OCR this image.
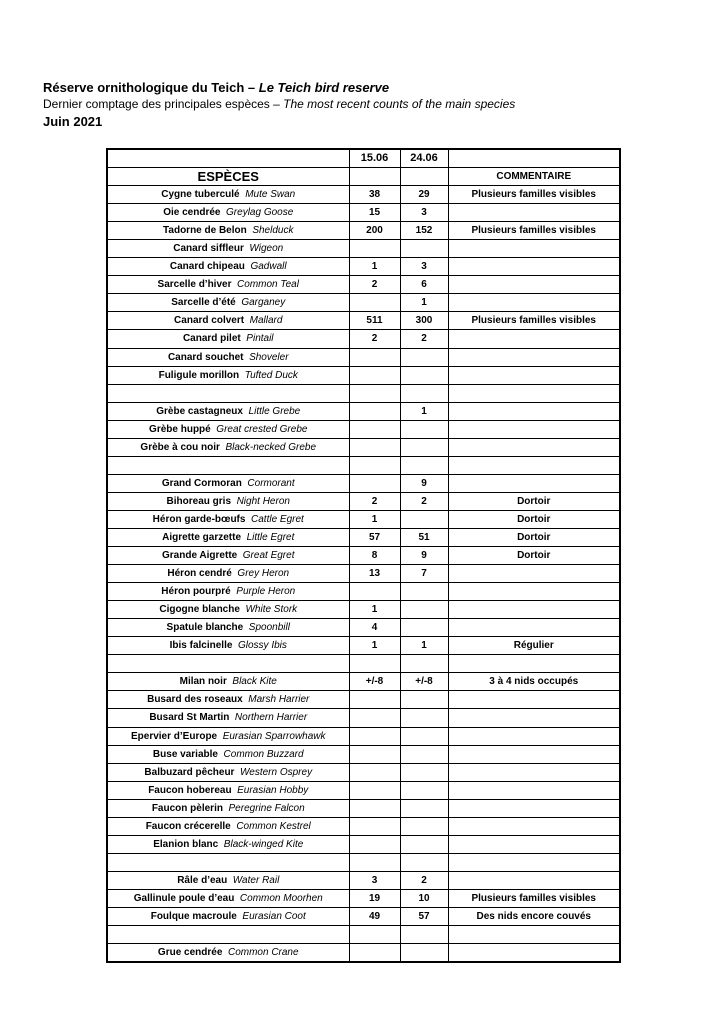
Réserve ornithologique du Teich – Le Teich bird reserve
Dernier comptage des principales espèces – The most recent counts of the main species
Juin 2021
	15.06	24.06	
ESPÈCES			COMMENTAIRE
Cygne tuberculé Mute Swan	38	29	Plusieurs familles visibles
Oie cendrée Greylag Goose	15	3	
Tadorne de Belon Shelduck	200	152	Plusieurs familles visibles
Canard siffleur Wigeon			
Canard chipeau Gadwall	1	3	
Sarcelle d’hiver Common Teal	2	6	
Sarcelle d’été Garganey		1	
Canard colvert Mallard	511	300	Plusieurs familles visibles
Canard pilet Pintail	2	2	
Canard souchet Shoveler			
Fuligule morillon Tufted Duck			

Grèbe castagneux Little Grebe		1	
Grèbe huppé Great crested Grebe			
Grèbe à cou noir Black-necked Grebe			

Grand Cormoran Cormorant		9	
Bihoreau gris Night Heron	2	2	Dortoir
Héron garde-bœufs Cattle Egret	1		Dortoir
Aigrette garzette Little Egret	57	51	Dortoir
Grande Aigrette Great Egret	8	9	Dortoir
Héron cendré Grey Heron	13	7	
Héron pourpré Purple Heron			
Cigogne blanche White Stork	1		
Spatule blanche Spoonbill	4		
Ibis falcinelle Glossy Ibis	1	1	Régulier

Milan noir Black Kite	+/-8	+/-8	3 à 4 nids occupés
Busard des roseaux Marsh Harrier			
Busard St Martin Northern Harrier			
Epervier d’Europe Eurasian Sparrowhawk			
Buse variable Common Buzzard			
Balbuzard pêcheur Western Osprey			
Faucon hobereau Eurasian Hobby			
Faucon pèlerin Peregrine Falcon			
Faucon crécerelle Common Kestrel			
Elanion blanc Black-winged Kite			

Râle d’eau Water Rail	3	2	
Gallinule poule d’eau Common Moorhen	19	10	Plusieurs familles visibles
Foulque macroule Eurasian Coot	49	57	Des nids encore couvés

Grue cendrée Common Crane			
